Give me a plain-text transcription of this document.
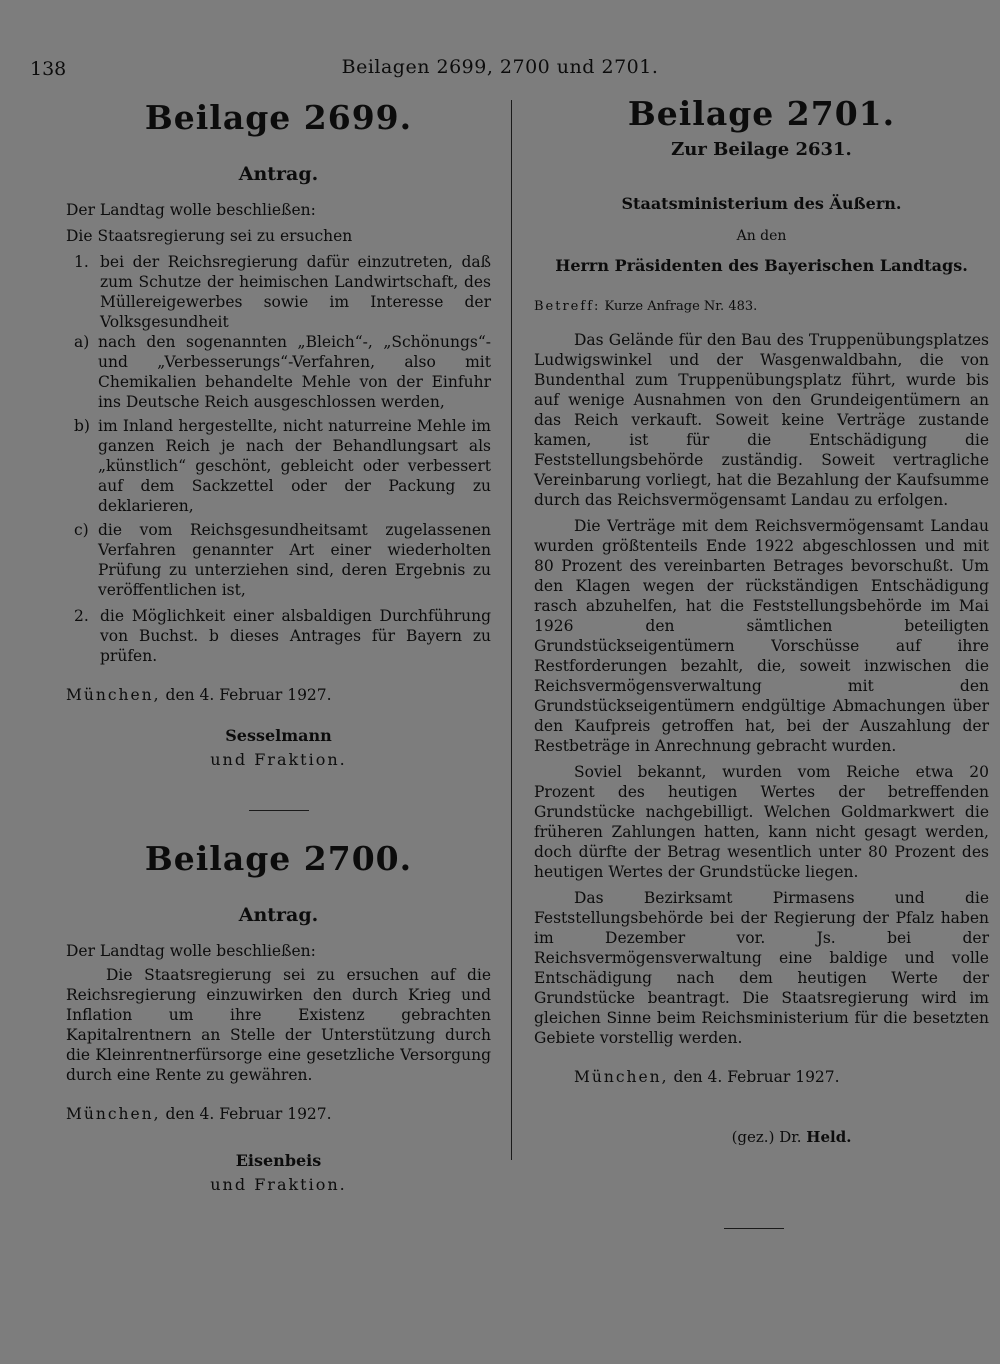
138	Beilagen 2699, 2700 und 2701.
Beilage 2699.

Antrag.

Der Landtag wolle beschließen:

Die Staatsregierung sei zu ersuchen

1. bei der Reichsregierung dafür einzutreten, daß zum Schutze der heimischen Landwirtschaft, des Müllereigewerbes sowie im Interesse der Volksgesundheit
a) nach den sogenannten „Bleich“-, „Schönungs“- und „Verbesserungs“-Verfahren, also mit Chemikalien behandelte Mehle von der Einfuhr ins Deutsche Reich ausgeschlossen werden,
b) im Inland hergestellte, nicht naturreine Mehle im ganzen Reich je nach der Behandlungsart als „künstlich“ geschönt, gebleicht oder verbessert auf dem Sackzettel oder der Packung zu deklarieren,
c) die vom Reichsgesundheitsamt zugelassenen Verfahren genannter Art einer wiederholten Prüfung zu unterziehen sind, deren Ergebnis zu veröffentlichen ist,
2. die Möglichkeit einer alsbaldigen Durchführung von Buchst. b dieses Antrages für Bayern zu prüfen.

München, den 4. Februar 1927.

Sesselmann

und Fraktion.

Beilage 2700.

Antrag.

Der Landtag wolle beschließen:

Die Staatsregierung sei zu ersuchen auf die Reichsregierung einzuwirken den durch Krieg und Inflation um ihre Existenz gebrachten Kapitalrentnern an Stelle der Unterstützung durch die Kleinrentnerfürsorge eine gesetzliche Versorgung durch eine Rente zu gewähren.

München, den 4. Februar 1927.

Eisenbeis

und Fraktion.

Beilage 2701.

Zur Beilage 2631.

Staatsministerium des Äußern.

An den

Herrn Präsidenten des Bayerischen Landtags.

Betreff: Kurze Anfrage Nr. 483.

Das Gelände für den Bau des Truppenübungsplatzes Ludwigswinkel und der Wasgenwaldbahn, die von Bundenthal zum Truppenübungsplatz führt, wurde bis auf wenige Ausnahmen von den Grundeigentümern an das Reich verkauft. Soweit keine Verträge zustande kamen, ist für die Entschädigung die Feststellungsbehörde zuständig. Soweit vertragliche Vereinbarung vorliegt, hat die Bezahlung der Kaufsumme durch das Reichsvermögensamt Landau zu erfolgen.

Die Verträge mit dem Reichsvermögensamt Landau wurden größtenteils Ende 1922 abgeschlossen und mit 80 Prozent des vereinbarten Betrages bevorschußt. Um den Klagen wegen der rückständigen Entschädigung rasch abzuhelfen, hat die Feststellungsbehörde im Mai 1926 den sämtlichen beteiligten Grundstückseigentümern Vorschüsse auf ihre Restforderungen bezahlt, die, soweit inzwischen die Reichsvermögensverwaltung mit den Grundstückseigentümern endgültige Abmachungen über den Kaufpreis getroffen hat, bei der Auszahlung der Restbeträge in Anrechnung gebracht wurden.

Soviel bekannt, wurden vom Reiche etwa 20 Prozent des heutigen Wertes der betreffenden Grundstücke nachgebilligt. Welchen Goldmarkwert die früheren Zahlungen hatten, kann nicht gesagt werden, doch dürfte der Betrag wesentlich unter 80 Prozent des heutigen Wertes der Grundstücke liegen.

Das Bezirksamt Pirmasens und die Feststellungsbehörde bei der Regierung der Pfalz haben im Dezember vor. Js. bei der Reichsvermögensverwaltung eine baldige und volle Entschädigung nach dem heutigen Werte der Grundstücke beantragt. Die Staatsregierung wird im gleichen Sinne beim Reichsministerium für die besetzten Gebiete vorstellig werden.

München, den 4. Februar 1927.

(gez.) Dr. Held.
